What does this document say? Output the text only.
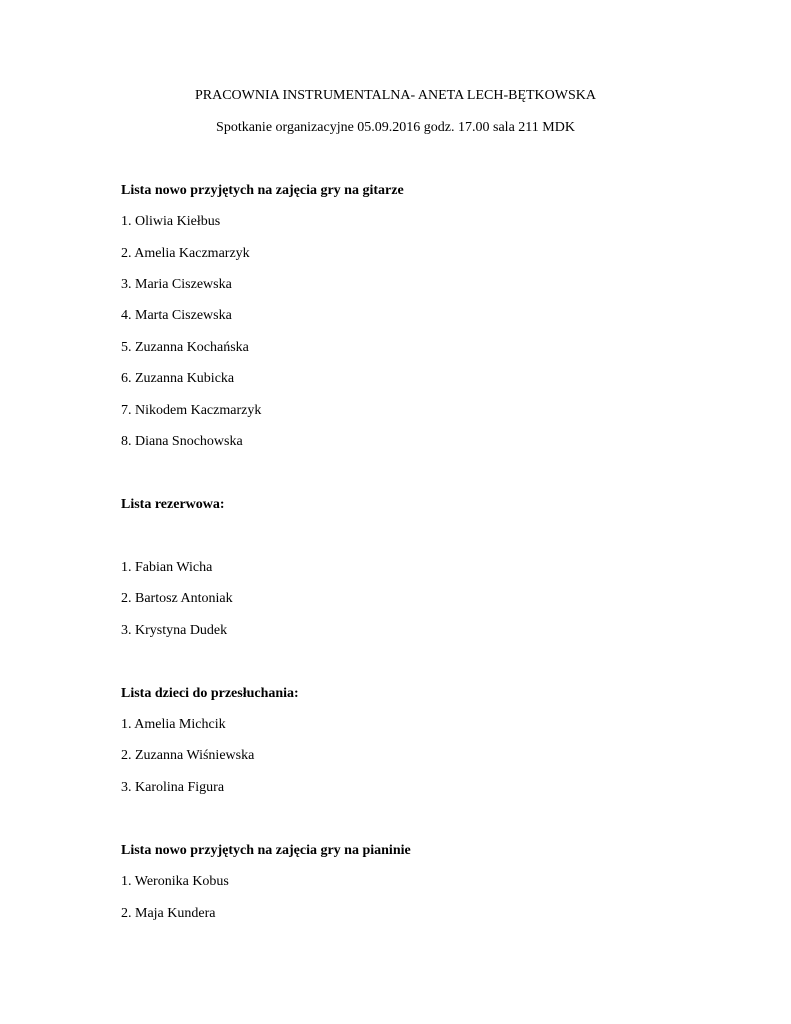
PRACOWNIA INSTRUMENTALNA- ANETA LECH-BĘTKOWSKA
Spotkanie organizacyjne 05.09.2016 godz. 17.00 sala 211 MDK
Lista nowo przyjętych na zajęcia gry na gitarze
1. Oliwia Kiełbus
2. Amelia Kaczmarzyk
3. Maria Ciszewska
4. Marta Ciszewska
5. Zuzanna Kochańska
6. Zuzanna Kubicka
7. Nikodem Kaczmarzyk
8. Diana Snochowska
Lista rezerwowa:
1. Fabian Wicha
2. Bartosz Antoniak
3. Krystyna Dudek
Lista dzieci do przesłuchania:
1. Amelia Michcik
2. Zuzanna Wiśniewska
3. Karolina Figura
Lista nowo przyjętych na zajęcia gry na pianinie
1. Weronika Kobus
2. Maja Kundera
